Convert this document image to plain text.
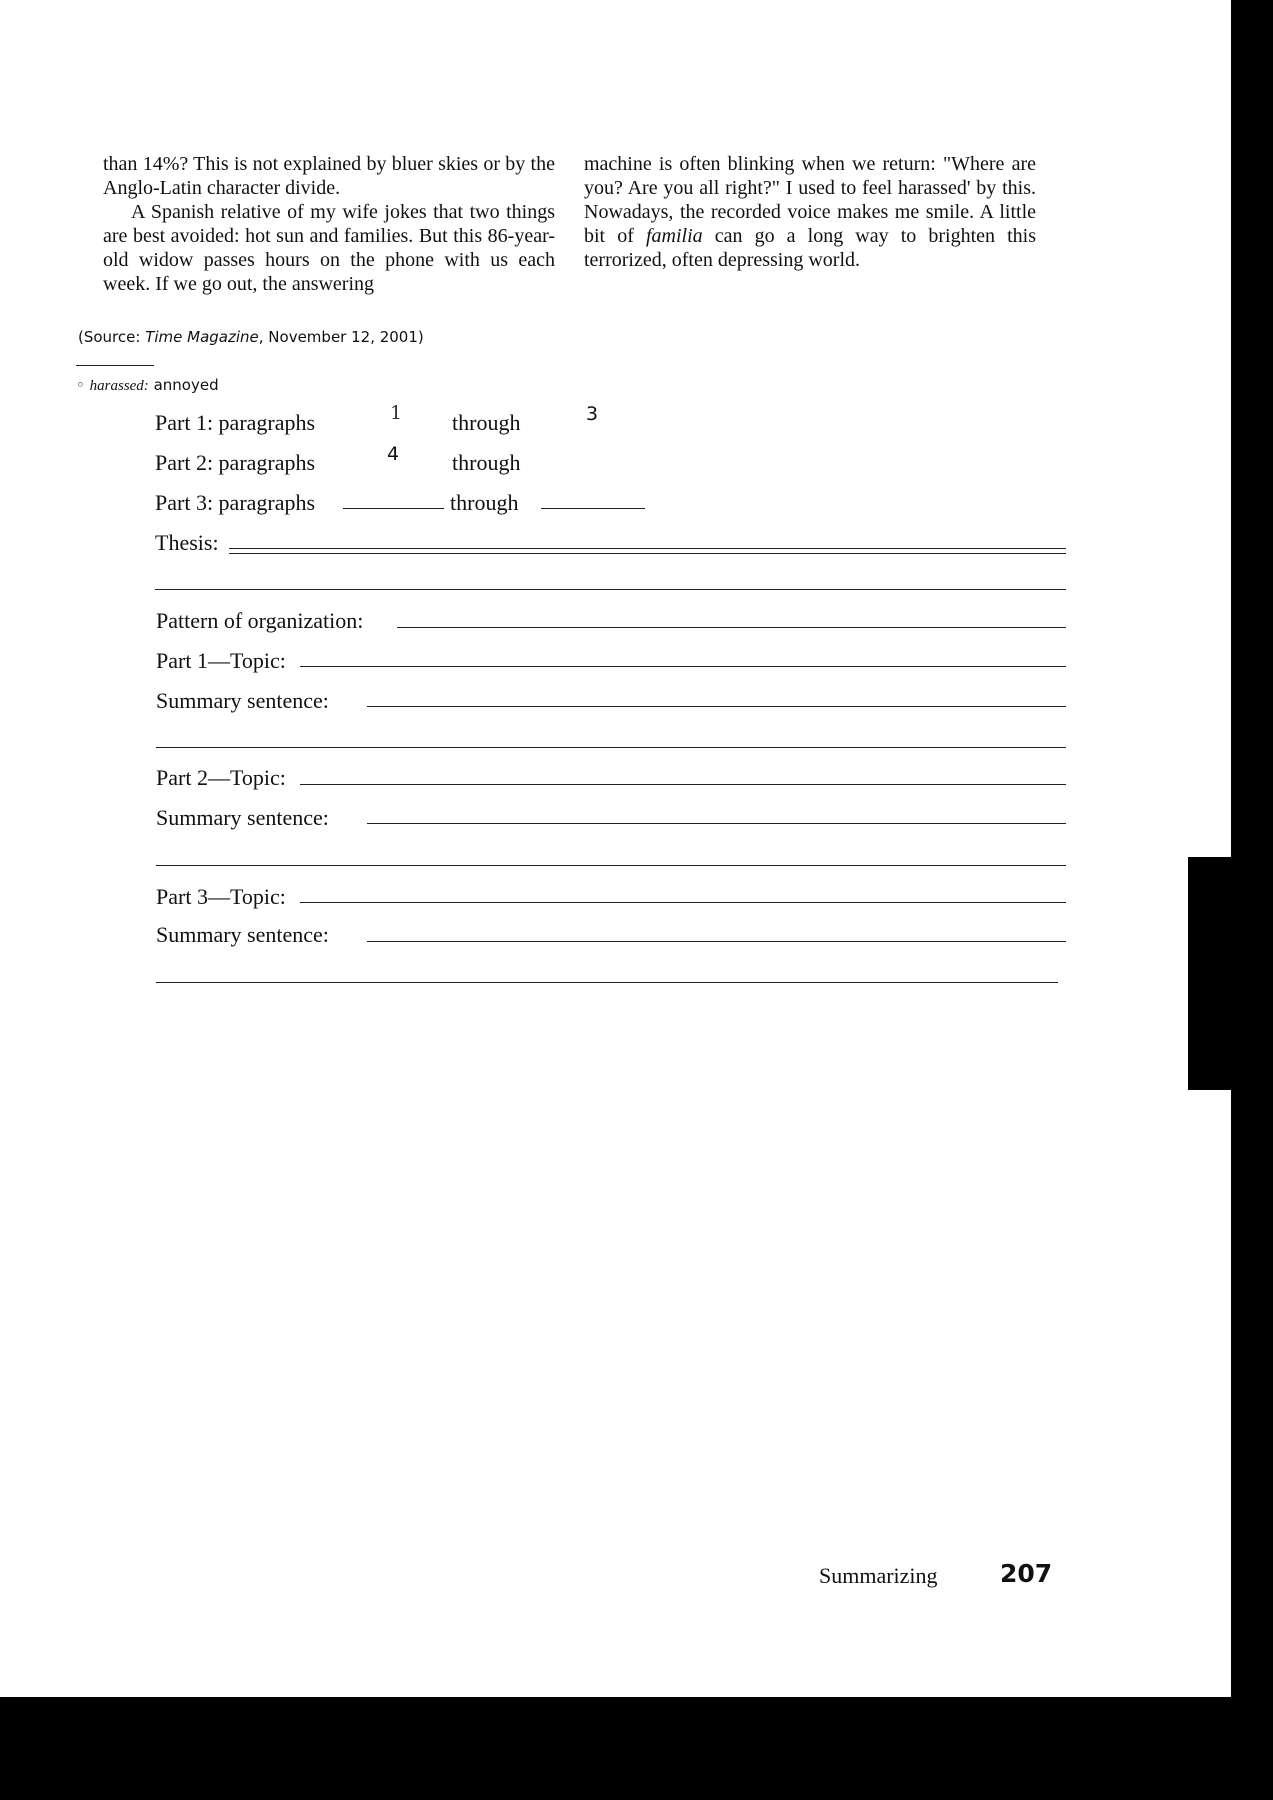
than 14%? This is not explained by bluer skies or by the Anglo-Latin character divide.

A Spanish relative of my wife jokes that two things are best avoided: hot sun and families. But this 86-year-old widow passes hours on the phone with us each week. If we go out, the answering

machine is often blinking when we return: "Where are you? Are you all right?" I used to feel harassed' by this. Nowadays, the recorded voice makes me smile. A little bit of familia can go a long way to brighten this terrorized, often depressing world.

(Source: Time Magazine, November 12, 2001)
◦ harassed: annoyed
Part 1: paragraphs	1 through	3
Part 2: paragraphs	4 through
Part 3: paragraphs	through
Thesis:
Pattern of organization:
Part 1—Topic:
Summary sentence:
Part 2—Topic:
Summary sentence:
Part 3—Topic:
Summary sentence:
Summarizing 207
